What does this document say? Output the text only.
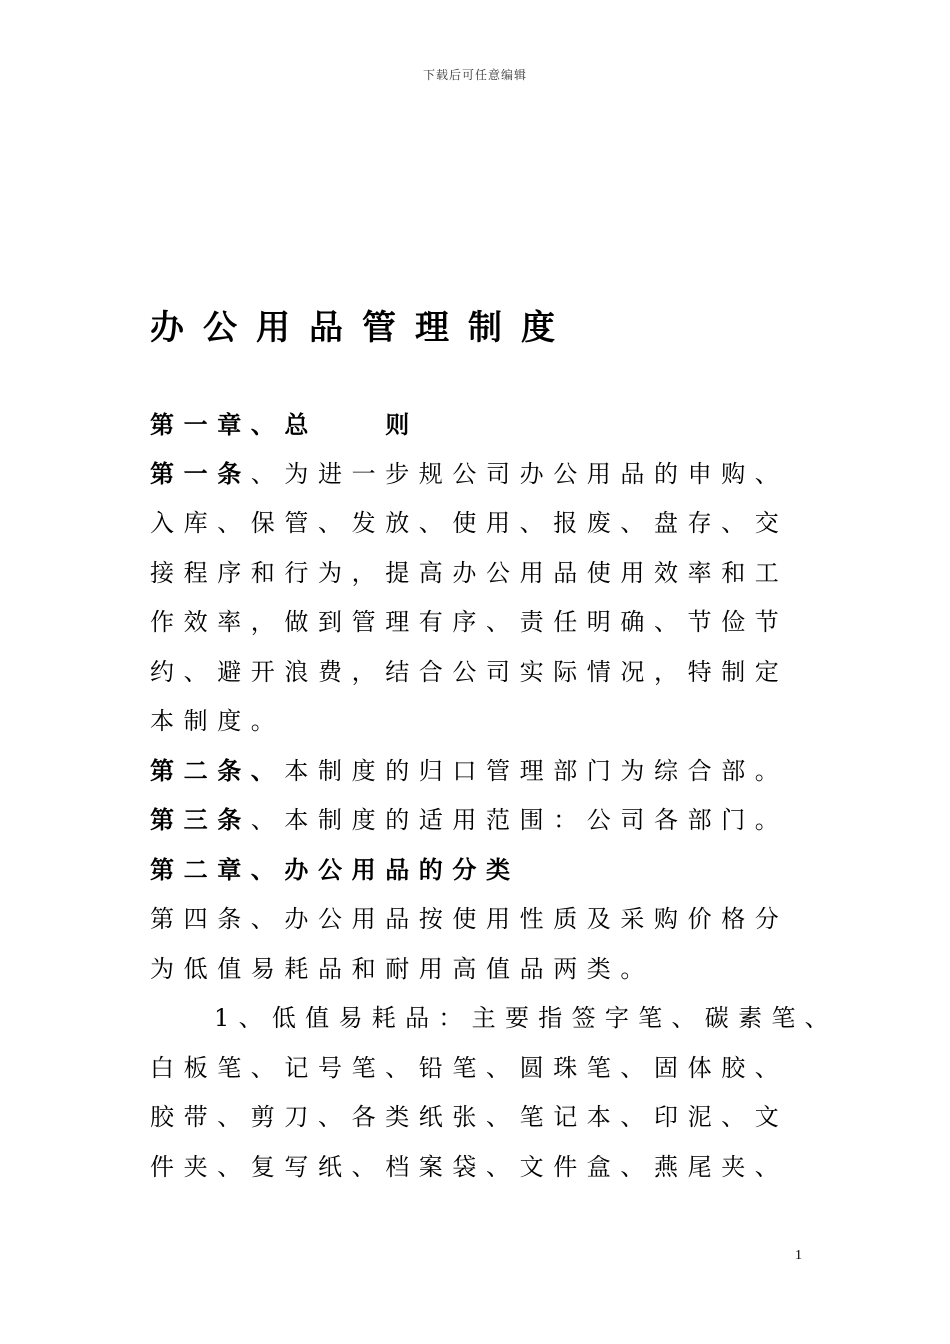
下载后可任意编辑
办公用品管理制度
第一章、总　　则
第一条、为进一步规公司办公用品的申购、
入库、保管、发放、使用、报废、盘存、交
接程序和行为，提高办公用品使用效率和工
作效率，做到管理有序、责任明确、节俭节
约、避开浪费，结合公司实际情况，特制定
本制度。
第二条、本制度的归口管理部门为综合部。
第三条、本制度的适用范围：公司各部门。
第二章、办公用品的分类
第四条、办公用品按使用性质及采购价格分
为低值易耗品和耐用高值品两类。
1、低值易耗品：主要指签字笔、碳素笔、
白板笔、记号笔、铅笔、圆珠笔、固体胶、
胶带、剪刀、各类纸张、笔记本、印泥、文
件夹、复写纸、档案袋、文件盒、燕尾夹、
1
